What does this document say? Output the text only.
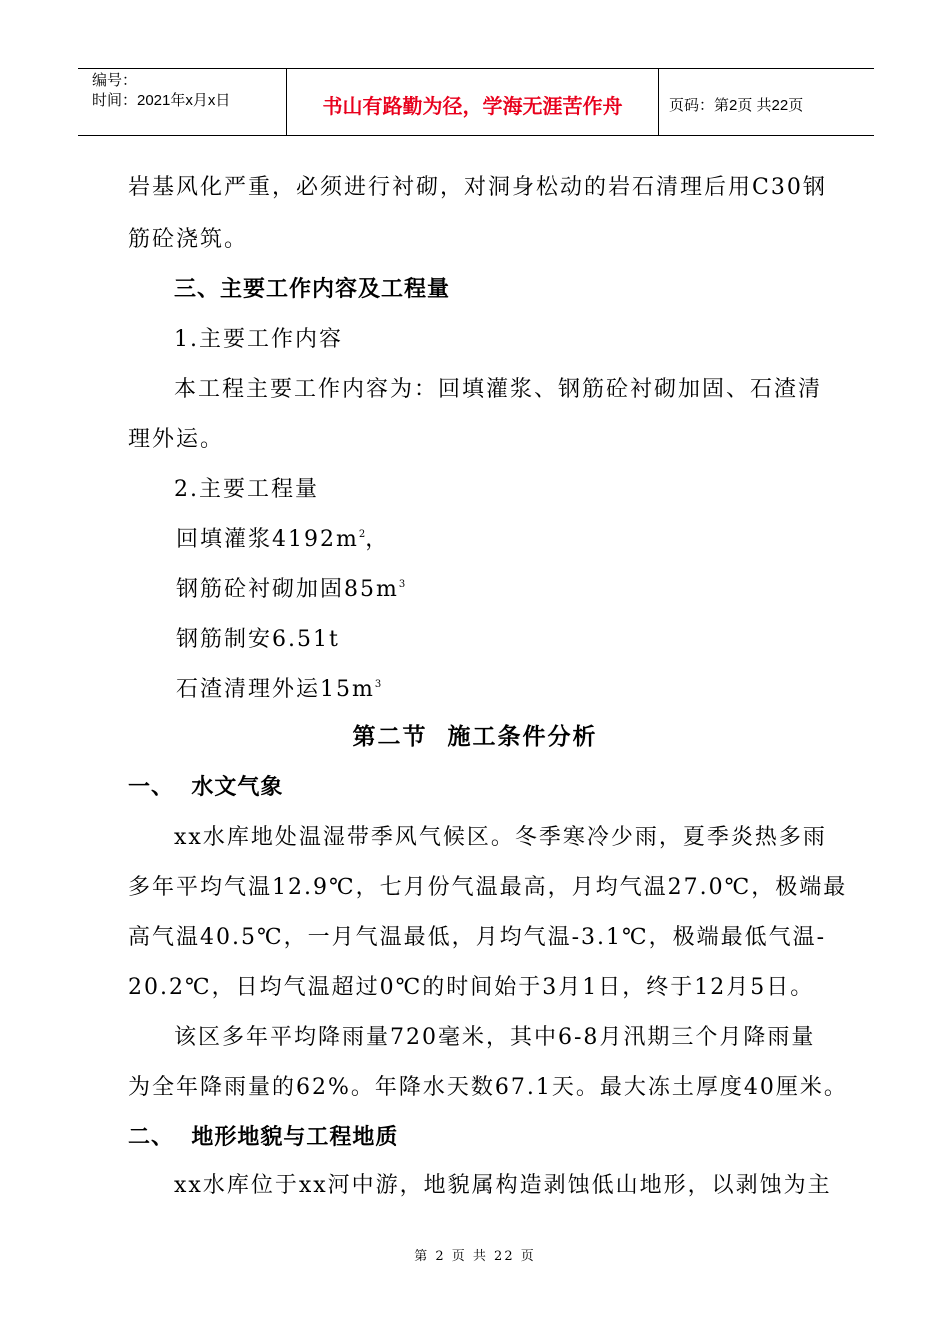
编号：
时间：2021年x月x日	书山有路勤为径，学海无涯苦作舟	页码：第2页 共22页
岩基风化严重，必须进行衬砌，对洞身松动的岩石清理后用C30钢
筋砼浇筑。
三、主要工作内容及工程量
1.主要工作内容
本工程主要工作内容为：回填灌浆、钢筋砼衬砌加固、石渣清
理外运。
2.主要工程量
回填灌浆$4192m^2$，
钢筋砼衬砌加固$85m^3$
钢筋制安6.51t
石渣清理外运$15m^3$
第二节  施工条件分析
一、  水文气象
xx水库地处温湿带季风气候区。冬季寒冷少雨，夏季炎热多雨
多年平均气温12.9℃，七月份气温最高，月均气温27.0℃，极端最
高气温40.5℃，一月气温最低，月均气温-3.1℃，极端最低气温-
20.2℃，日均气温超过0℃的时间始于3月1日，终于12月5日。
该区多年平均降雨量720毫米，其中6-8月汛期三个月降雨量
为全年降雨量的62%。年降水天数67.1天。最大冻土厚度40厘米。
二、  地形地貌与工程地质
xx水库位于xx河中游，地貌属构造剥蚀低山地形，以剥蚀为主
第 2 页 共 22 页
